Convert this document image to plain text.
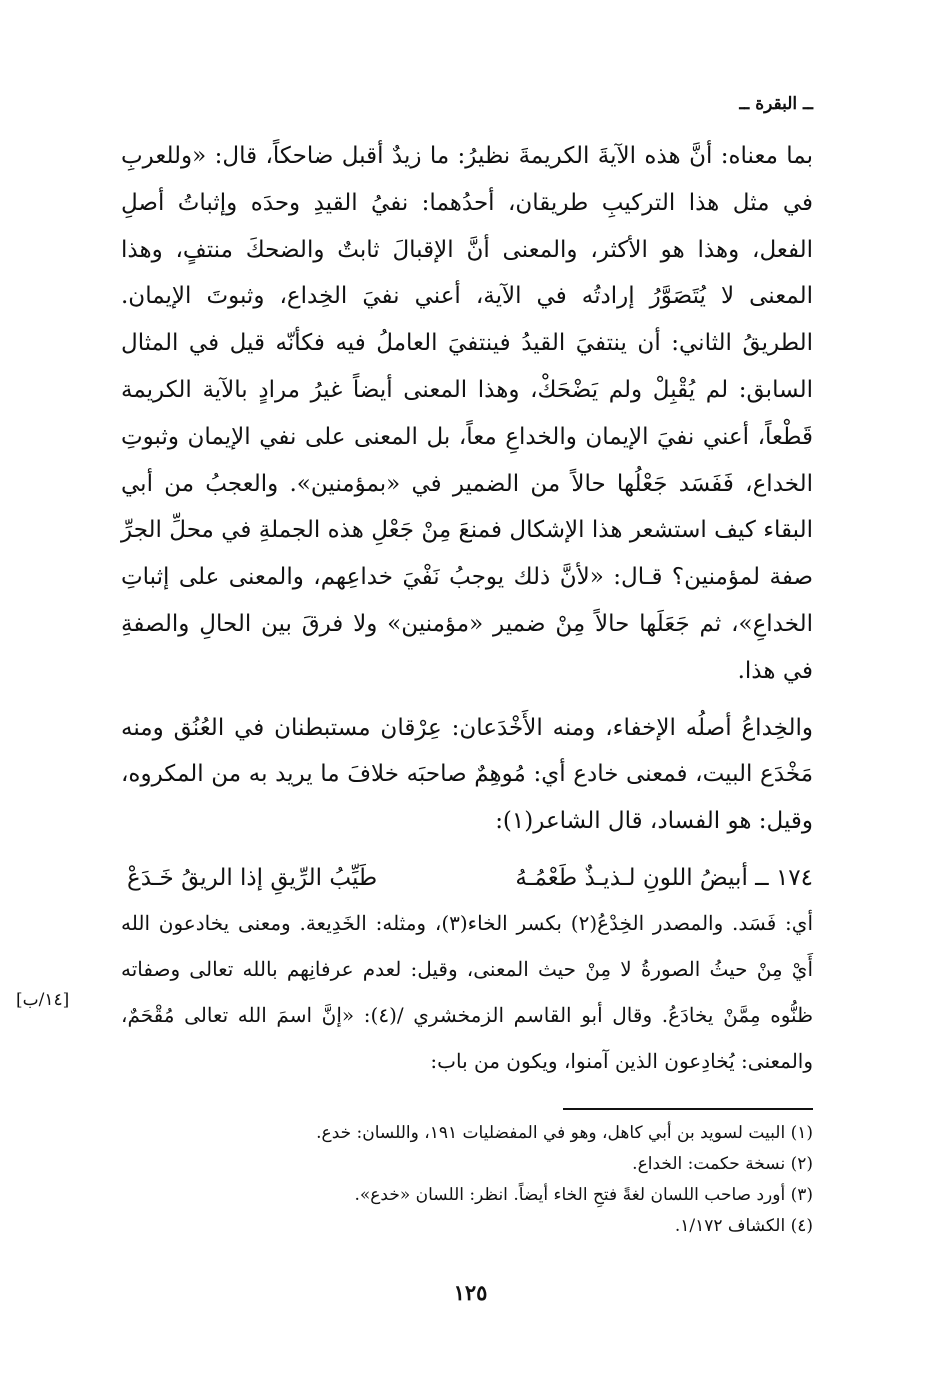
ــ البقرة ــ

بما معناه: أنَّ هذه الآيةَ الكريمةَ نظيرُ: ما زيدٌ أقبل ضاحكاً، قال: «وللعربِ في مثل هذا التركيبِ طريقان، أحدُهما: نفيُ القيدِ وحدَه وإثباتُ أصلِ الفعل، وهذا هو الأكثر، والمعنى أنَّ الإقبالَ ثابتٌ والضحكَ منتفٍ، وهذا المعنى لا يُتَصَوَّرُ إرادتُه في الآية، أعني نفيَ الخِداع، وثبوتَ الإيمان. الطريقُ الثاني: أن ينتفيَ القيدُ فينتفيَ العاملُ فيه فكأنّه قيل في المثال السابق: لم يُقْبِلْ ولم يَضْحَكْ، وهذا المعنى أيضاً غيرُ مرادٍ بالآية الكريمة قَطْعاً، أعني نفيَ الإيمان والخداعِ معاً، بل المعنى على نفي الإيمان وثبوتِ الخداع، فَفَسَد جَعْلُها حالاً من الضمير في «بمؤمنين». والعجبُ من أبي البقاء كيف استشعر هذا الإشكال فمنعَ مِنْ جَعْلِ هذه الجملةِ في محلِّ الجرِّ صفة لمؤمنين؟ قـال: «لأنَّ ذلك يوجبُ نَفْيَ خداعِهم، والمعنى على إثباتِ الخداعِ»، ثم جَعَلَها حالاً مِنْ ضمير «مؤمنين» ولا فرقَ بين الحالِ والصفةِ في هذا.

والخِداعُ أصلُه الإخفاء، ومنه الأَخْدَعان: عِرْقان مستبطنان في العُنُق ومنه مَخْدَع البيت، فمعنى خادع أي: مُوهِمٌ صاحبَه خلافَ ما يريد به من المكروه، وقيل: هو الفساد، قال الشاعر(١):

١٧٤ ــ أبيضُ اللونِ لـذيـذٌ طَعْمُـهُ
طَيِّبُ الرِّيقِ إذا الريقُ خَـدَعْ

أي: فَسَد. والمصدر الخِدْعُ(٢) بكسر الخاء(٣)، ومثله: الخَدِيعة. ومعنى يخادعون الله أَيْ مِنْ حيثُ الصورةُ لا مِنْ حيث المعنى، وقيل: لعدم عرفانِهم بالله تعالى وصفاته ظنُّوه مِمَّنْ يخادَعُ. وقال أبو القاسم الزمخشري /(٤): «إنَّ اسمَ الله تعالى مُقْحَمٌ، والمعنى: يُخادِعون الذين آمنوا، ويكون من باب:

[١٤/ب]
(١) البيت لسويد بن أبي كاهل، وهو في المفضليات ١٩١، واللسان: خدع.
(٢) نسخة حكمت: الخداع.
(٣) أورد صاحب اللسان لغةً فتحِ الخاء أيضاً. انظر: اللسان «خدع».
(٤) الكشاف ١/١٧٢.
١٢٥
